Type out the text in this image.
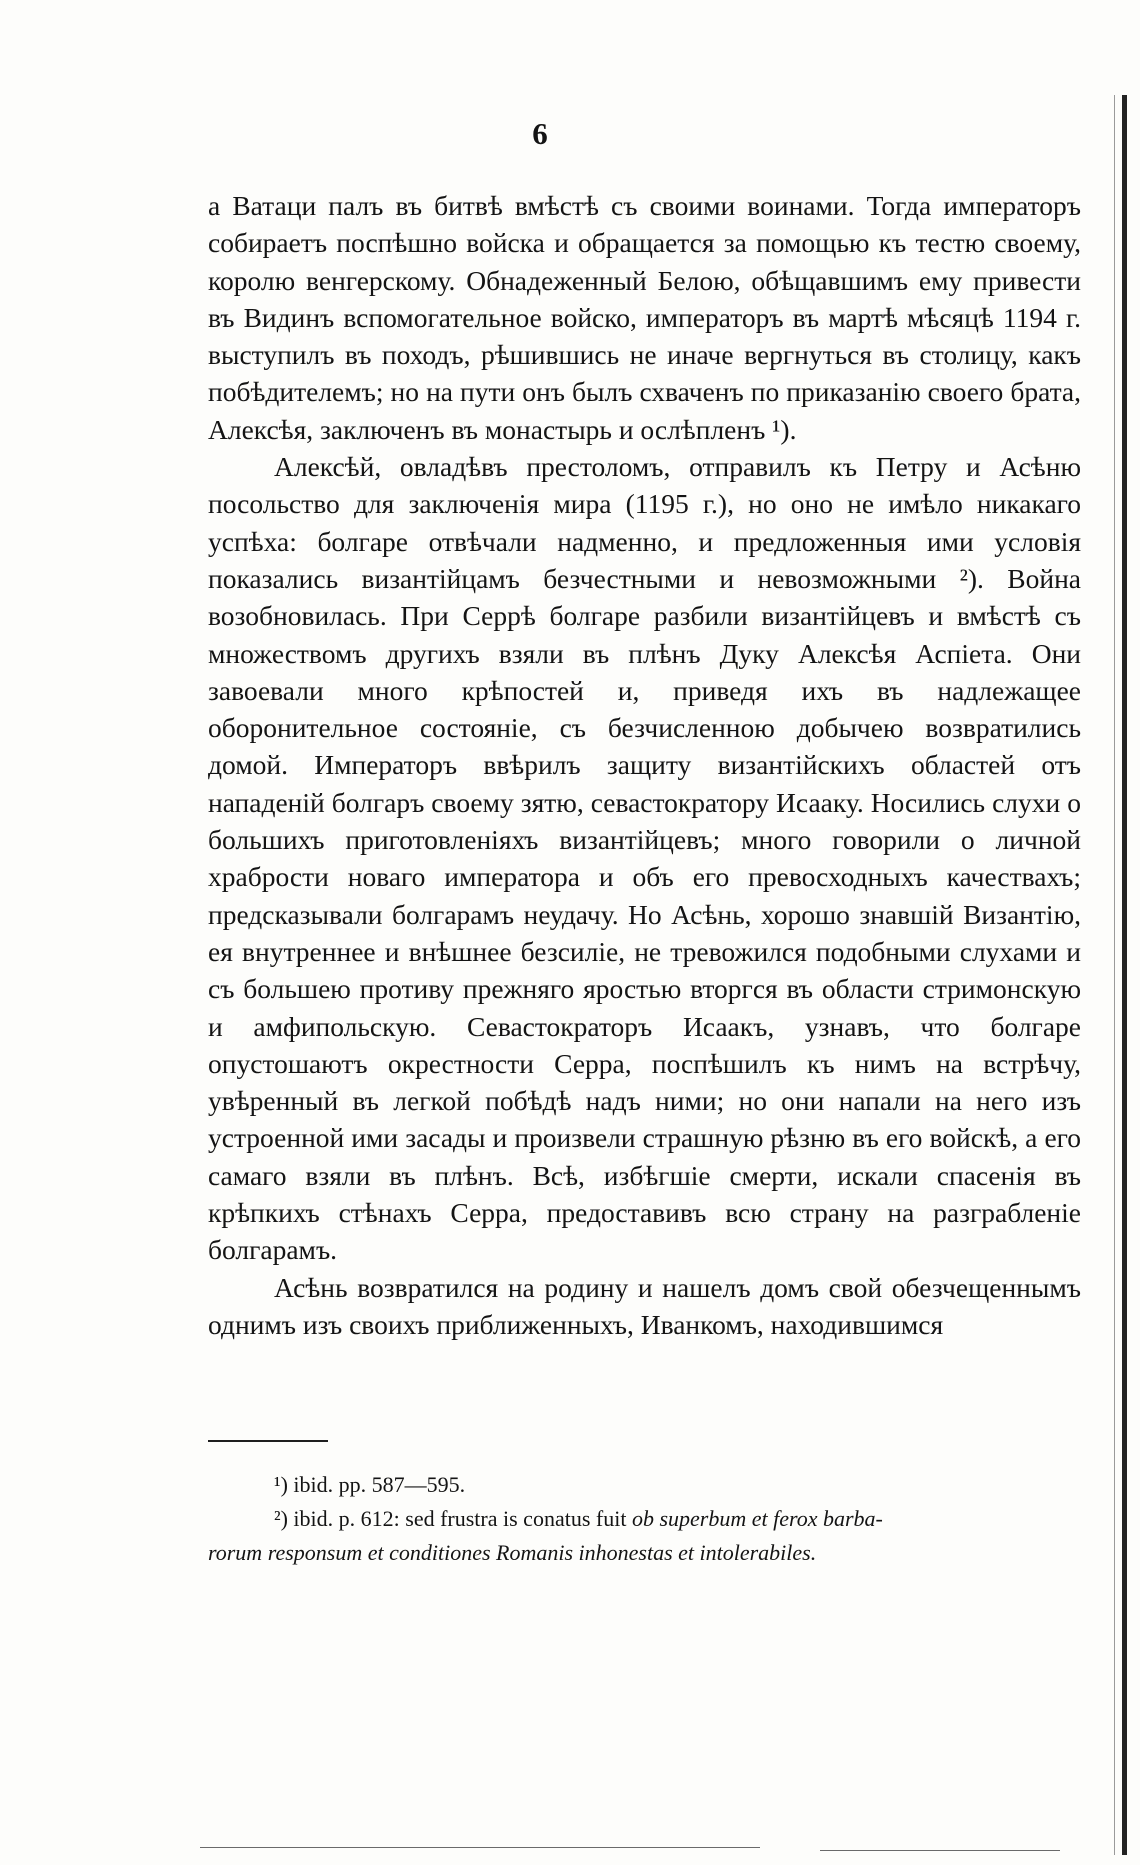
6

а Ватаци палъ въ битвѣ вмѣстѣ съ своими воинами. Тогда императоръ собираетъ поспѣшно войска и обращается за помощью къ тестю своему, королю венгерскому. Обнадеженный Белою, обѣщавшимъ ему привести въ Видинъ вспомогательное войско, императоръ въ мартѣ мѣсяцѣ 1194 г. выступилъ въ походъ, рѣшившись не иначе вергнуться въ столицу, какъ побѣдителемъ; но на пути онъ былъ схваченъ по приказанію своего брата, Алексѣя, заключенъ въ монастырь и ослѣпленъ ¹).

Алексѣй, овладѣвъ престоломъ, отправилъ къ Петру и Асѣню посольство для заключенія мира (1195 г.), но оно не имѣло никакаго успѣха: болгаре отвѣчали надменно, и предложенныя ими условія показались византійцамъ безчестными и невозможными ²). Война возобновилась. При Серрѣ болгаре разбили византійцевъ и вмѣстѣ съ множествомъ другихъ взяли въ плѣнъ Дуку Алексѣя Аспіета. Они завоевали много крѣпостей и, приведя ихъ въ надлежащее оборонительное состояніе, съ безчисленною добычею возвратились домой. Императоръ ввѣрилъ защиту византійскихъ областей отъ нападеній болгаръ своему зятю, севастократору Исааку. Носились слухи о большихъ приготовленіяхъ византійцевъ; много говорили о личной храбрости новаго императора и объ его превосходныхъ качествахъ; предсказывали болгарамъ неудачу. Но Асѣнь, хорошо знавшій Византію, ея внутреннее и внѣшнее безсиліе, не тревожился подобными слухами и съ большею противу прежняго яростью вторгся въ области стримонскую и амфипольскую. Севастократоръ Исаакъ, узнавъ, что болгаре опустошаютъ окрестности Серра, поспѣшилъ къ нимъ на встрѣчу, увѣренный въ легкой побѣдѣ надъ ними; но они напали на него изъ устроенной ими засады и произвели страшную рѣзню въ его войскѣ, а его самаго взяли въ плѣнъ. Всѣ, избѣгшіе смерти, искали спасенія въ крѣпкихъ стѣнахъ Серра, предоставивъ всю страну на разграбленіе болгарамъ.

Асѣнь возвратился на родину и нашелъ домъ свой обезчещеннымъ однимъ изъ своихъ приближенныхъ, Иванкомъ, находившимся

¹) ibid. pp. 587—595.

²) ibid. p. 612: sed frustra is conatus fuit ob superbum et ferox barba-

rorum responsum et conditiones Romanis inhonestas et intolerabiles.
